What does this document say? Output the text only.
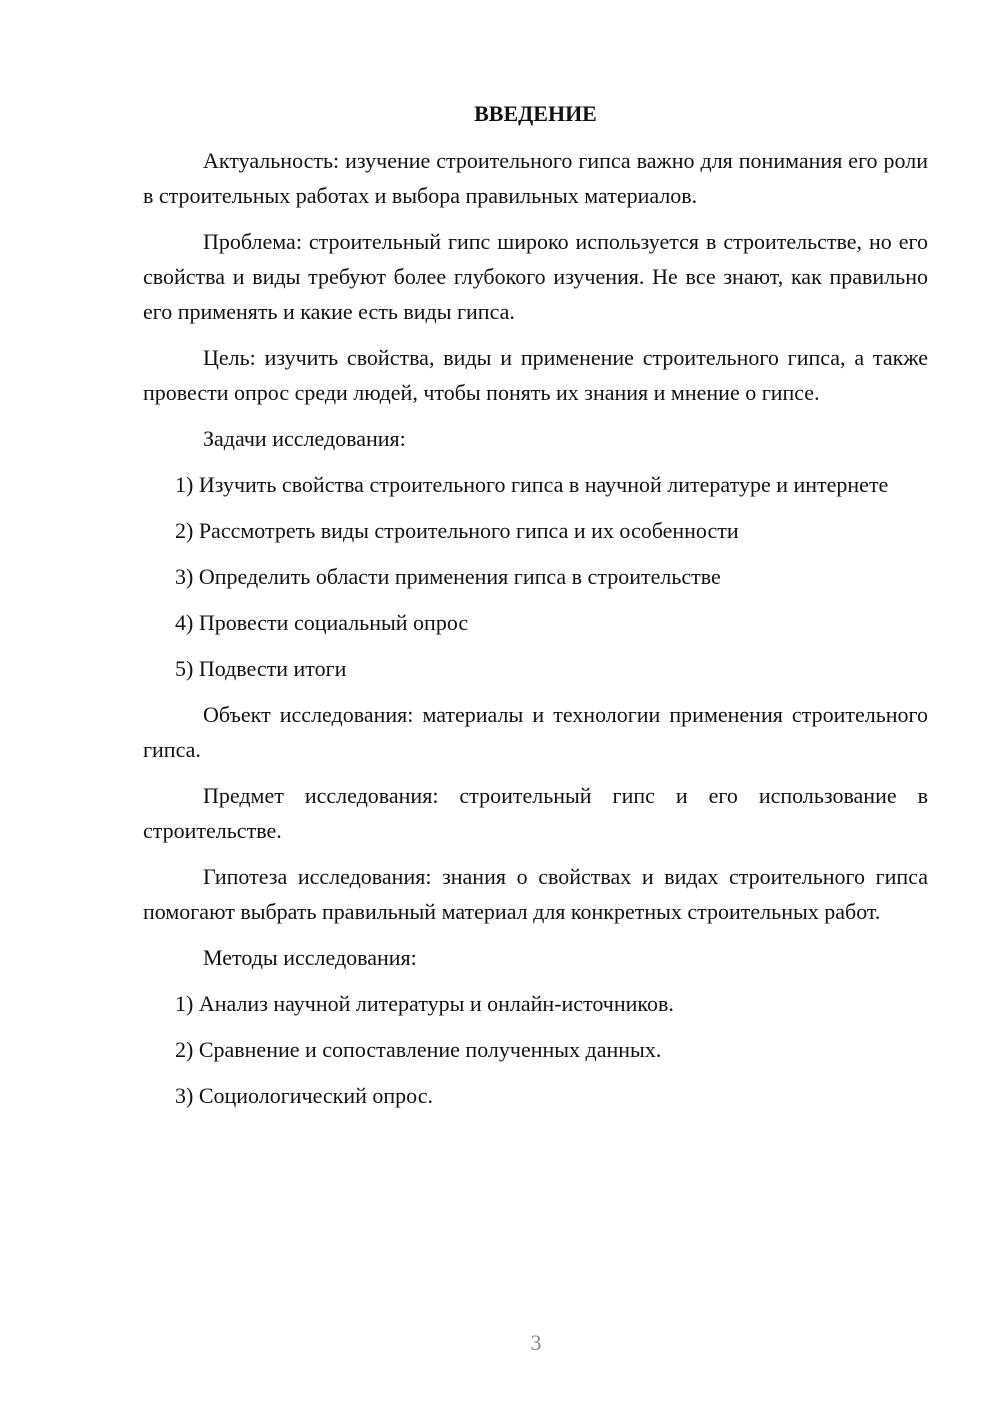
ВВЕДЕНИЕ

Актуальность: изучение строительного гипса важно для понимания его роли в строительных работах и выбора правильных материалов.

Проблема: строительный гипс широко используется в строительстве, но его свойства и виды требуют более глубокого изучения. Не все знают, как правильно его применять и какие есть виды гипса.

Цель: изучить свойства, виды и применение строительного гипса, а также провести опрос среди людей, чтобы понять их знания и мнение о гипсе.

Задачи исследования:

1) Изучить свойства строительного гипса в научной литературе и интернете

2) Рассмотреть виды строительного гипса и их особенности

3) Определить области применения гипса в строительстве

4) Провести социальный опрос

5) Подвести итоги

Объект исследования: материалы и технологии применения строительного гипса.

Предмет исследования: строительный гипс и его использование в строительстве.

Гипотеза исследования: знания о свойствах и видах строительного гипса помогают выбрать правильный материал для конкретных строительных работ.

Методы исследования:

1) Анализ научной литературы и онлайн-источников.

2) Сравнение и сопоставление полученных данных.

3) Социологический опрос.

3
